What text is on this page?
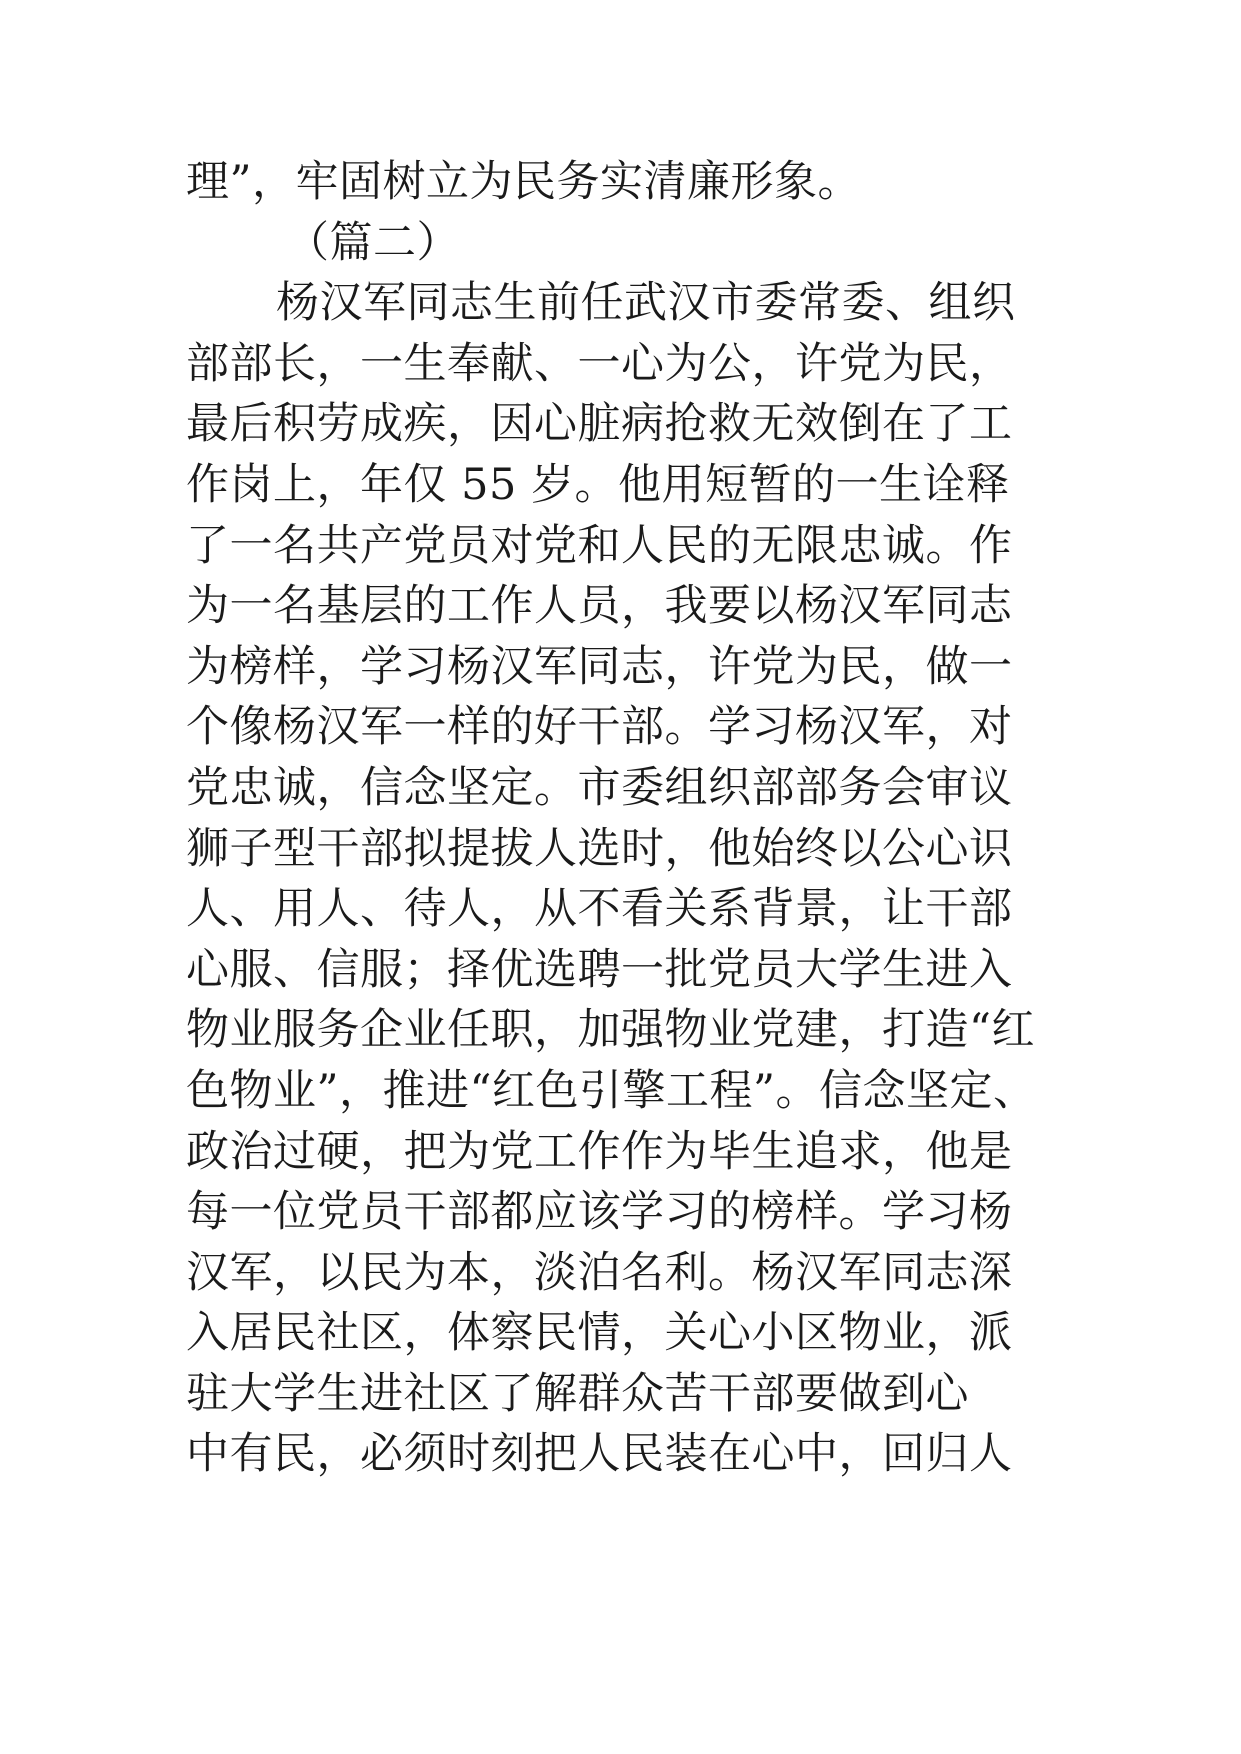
理”，牢固树立为民务实清廉形象。
（篇二）
杨汉军同志生前任武汉市委常委、组织
部部长，一生奉献、一心为公，许党为民，
最后积劳成疾，因心脏病抢救无效倒在了工
作岗上，年仅 55 岁。他用短暂的一生诠释
了一名共产党员对党和人民的无限忠诚。作
为一名基层的工作人员，我要以杨汉军同志
为榜样，学习杨汉军同志，许党为民，做一
个像杨汉军一样的好干部。学习杨汉军，对
党忠诚，信念坚定。市委组织部部务会审议
狮子型干部拟提拔人选时，他始终以公心识
人、用人、待人，从不看关系背景，让干部
心服、信服；择优选聘一批党员大学生进入
物业服务企业任职，加强物业党建，打造“红
色物业”，推进“红色引擎工程”。信念坚定、
政治过硬，把为党工作作为毕生追求，他是
每一位党员干部都应该学习的榜样。学习杨
汉军，以民为本，淡泊名利。杨汉军同志深
入居民社区，体察民情，关心小区物业，派
驻大学生进社区了解群众苦干部要做到心
中有民，必须时刻把人民装在心中，回归人
